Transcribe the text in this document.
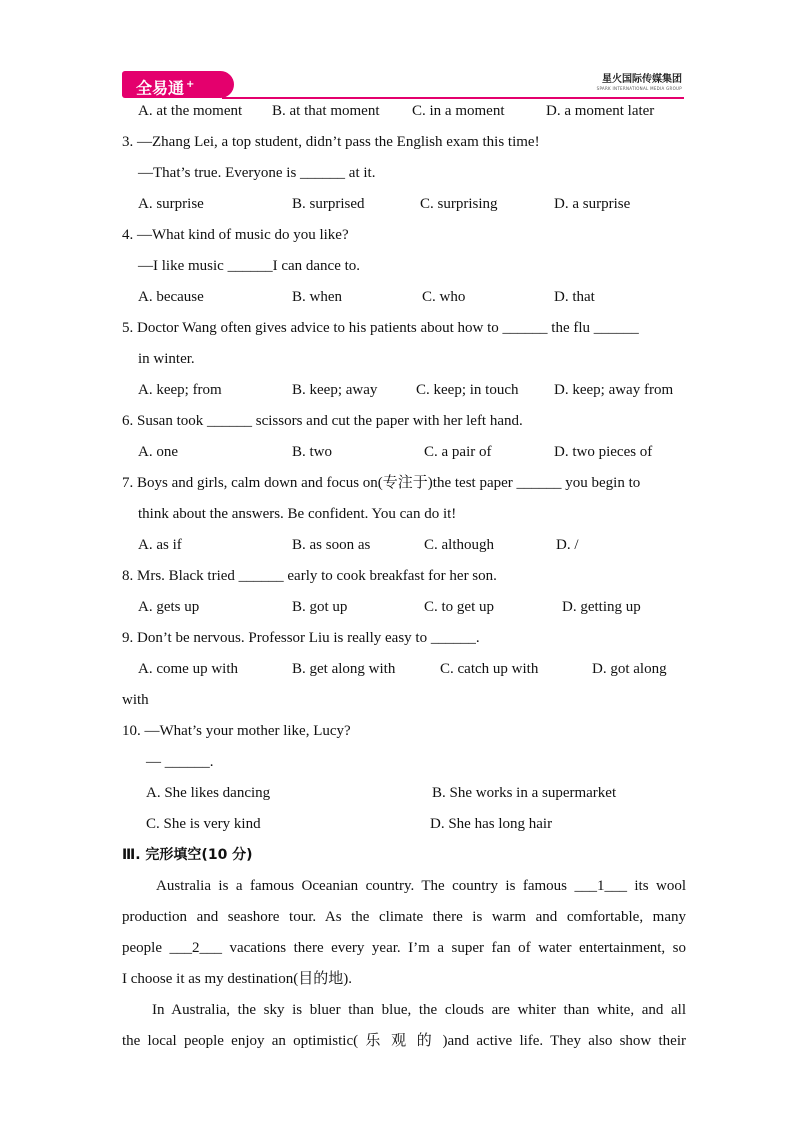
全易通 +	星火国际传媒集团
SPARK INTERNATIONAL MEDIA GROUP
A. at the moment B. at that moment C. in a moment	D. a moment later
3. —Zhang Lei, a top student, didn’t pass the English exam this time!
—That’s true. Everyone is ______ at it.
A. surprise	B. surprised	C. surprising	D. a surprise
4. —What kind of music do you like?
—I like music ______I can dance to.
A. because	B. when	C. who	D. that
5. Doctor Wang often gives advice to his patients about how to ______ the flu ______
in winter.
A. keep; from	B. keep; away	C. keep; in touch D. keep; away from
6. Susan took ______ scissors and cut the paper with her left hand.
A. one	B. two	C. a pair of	D. two pieces of
7. Boys and girls, calm down and focus on(专注于)the test paper ______ you begin to
think about the answers. Be confident. You can do it!
A. as if	B. as soon as	C. although	D. /
8. Mrs. Black tried ______ early to cook breakfast for her son.
A. gets up	B. got up	C. to get up	D. getting up
9. Don’t be nervous. Professor Liu is really easy to ______.
A. come up with	B. get along with	C. catch up with	D. got along
with
10. —What’s your mother like, Lucy?
— ______.
A. She likes dancing	B. She works in a supermarket
C. She is very kind	D. She has long hair
Ⅲ. 完形填空(10 分)
Australia is a famous Oceanian country. The country is famous ___1___ its wool
production and seashore tour. As the climate there is warm and comfortable, many
people ___2___ vacations there every year. I’m a super fan of water entertainment, so
I choose it as my destination(目的地).
In Australia, the sky is bluer than blue, the clouds are whiter than white, and all
the local people enjoy an optimistic( 乐 观 的 )and active life. They also show their
